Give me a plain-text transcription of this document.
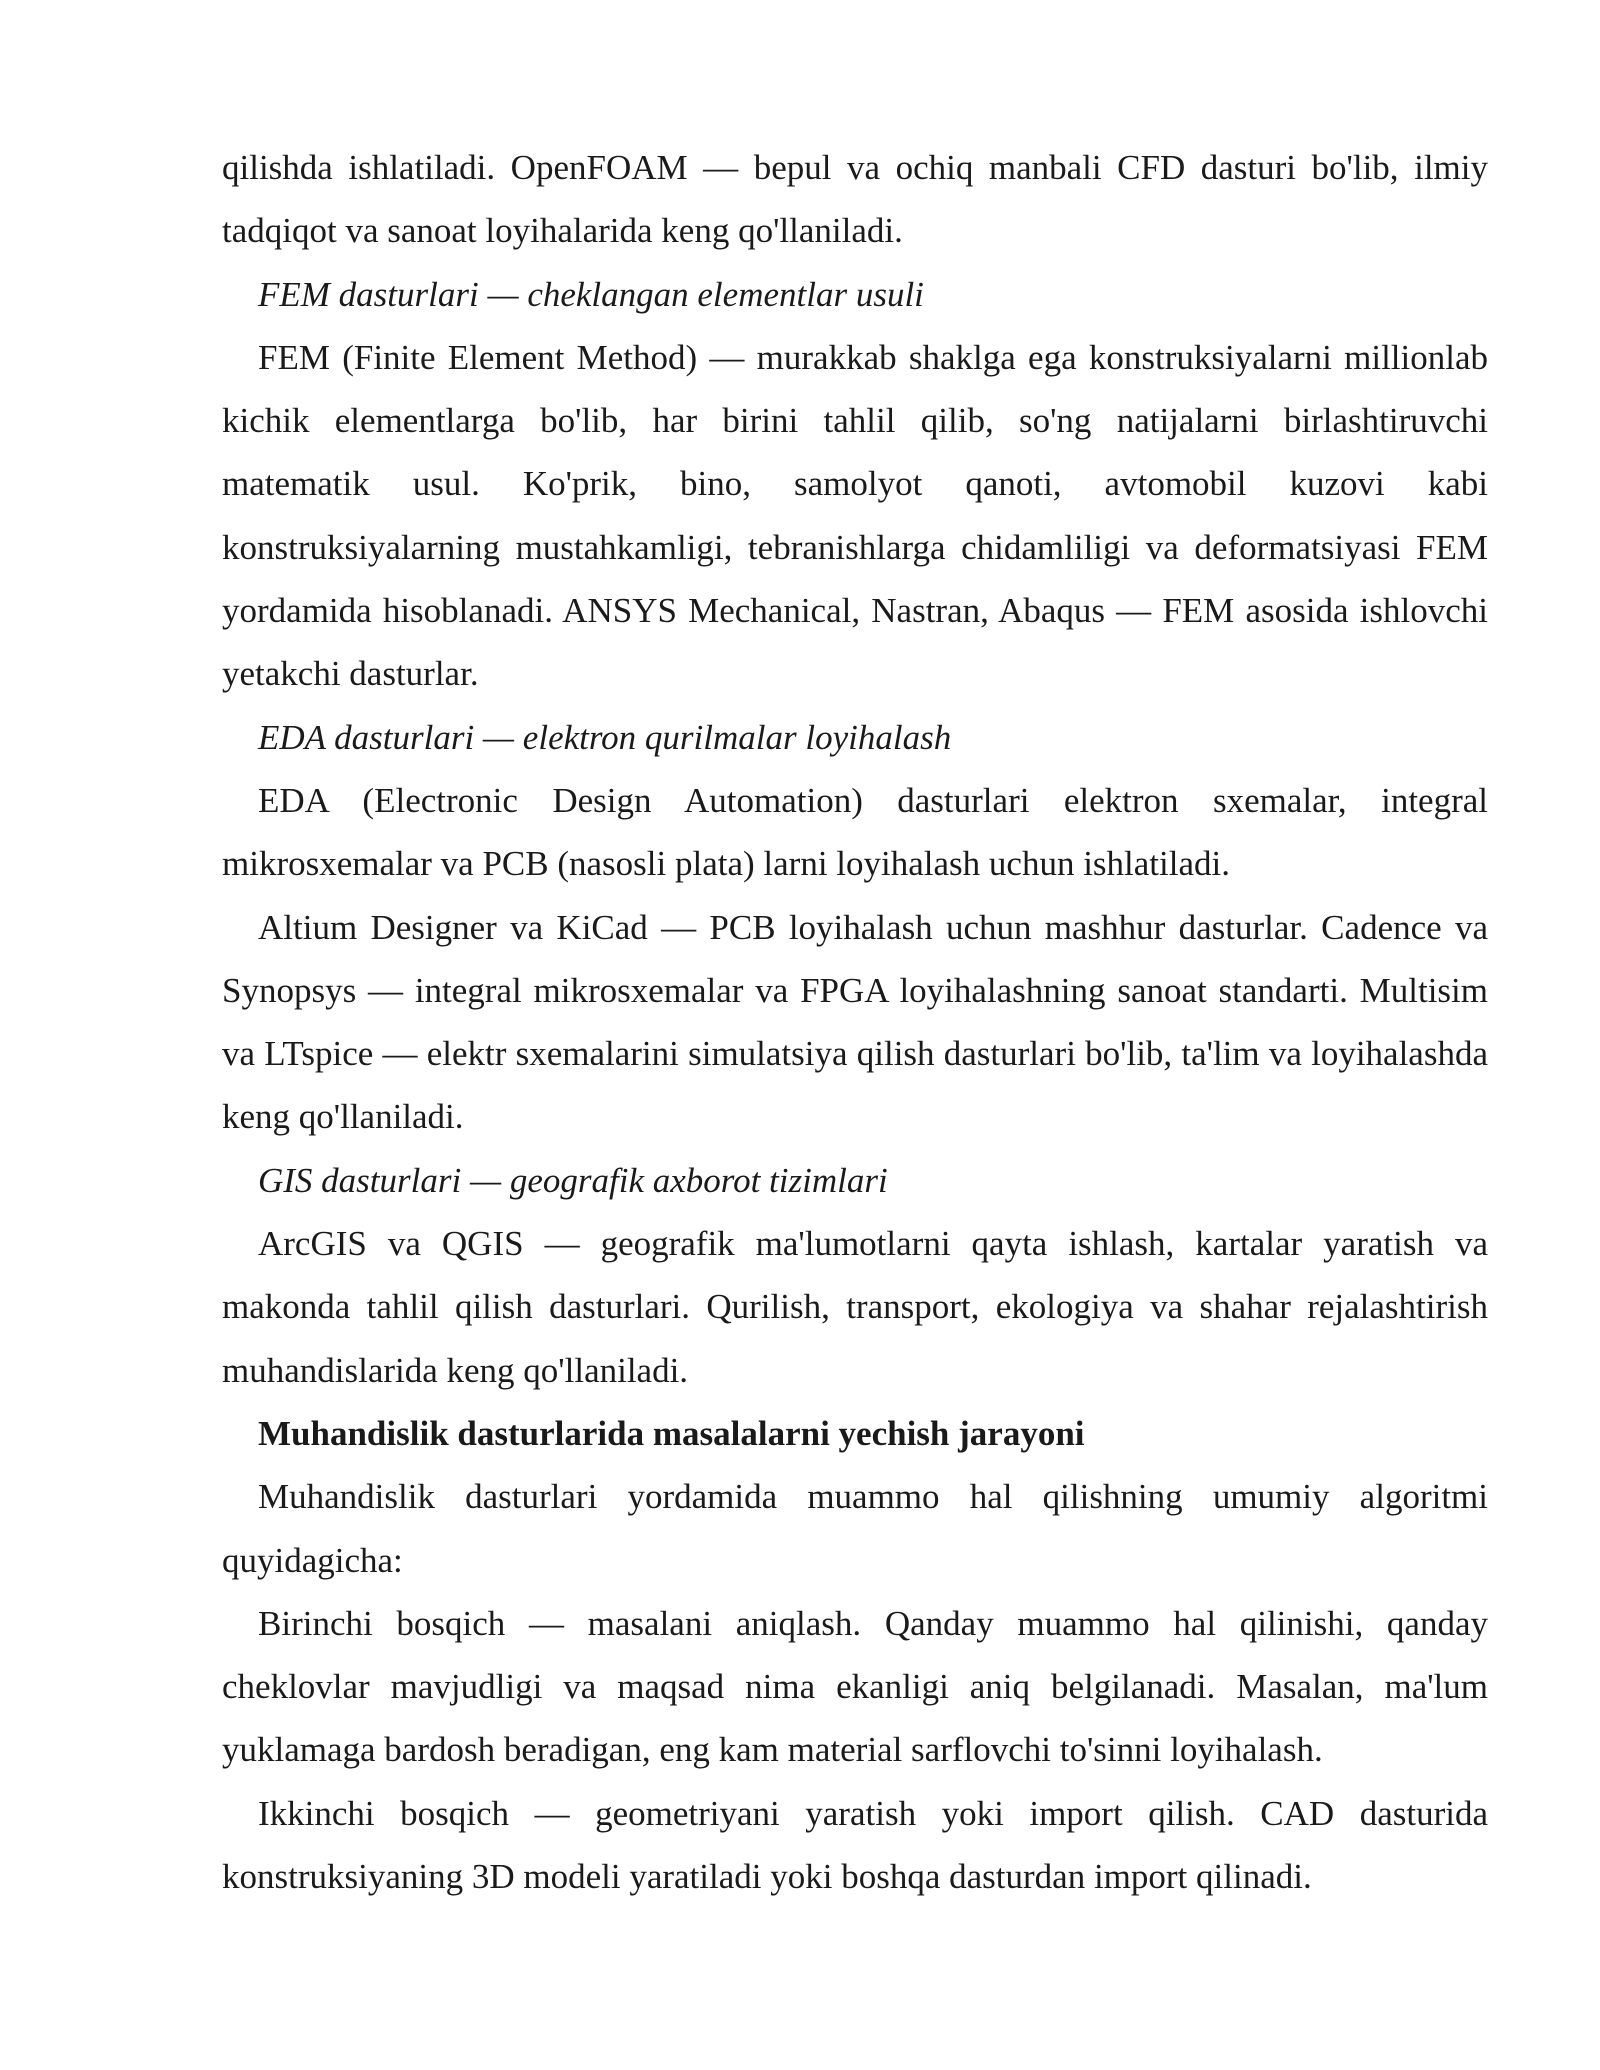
qilishda ishlatiladi. OpenFOAM — bepul va ochiq manbali CFD dasturi bo'lib, ilmiy tadqiqot va sanoat loyihalarida keng qo'llaniladi.

FEM dasturlari — cheklangan elementlar usuli

FEM (Finite Element Method) — murakkab shaklga ega konstruksiyalarni millionlab kichik elementlarga bo'lib, har birini tahlil qilib, so'ng natijalarni birlashtiruvchi matematik usul. Ko'prik, bino, samolyot qanoti, avtomobil kuzovi kabi konstruksiyalarning mustahkamligi, tebranishlarga chidamliligi va deformatsiyasi FEM yordamida hisoblanadi. ANSYS Mechanical, Nastran, Abaqus — FEM asosida ishlovchi yetakchi dasturlar.

EDA dasturlari — elektron qurilmalar loyihalash

EDA (Electronic Design Automation) dasturlari elektron sxemalar, integral mikrosxemalar va PCB (nasosli plata) larni loyihalash uchun ishlatiladi.

Altium Designer va KiCad — PCB loyihalash uchun mashhur dasturlar. Cadence va Synopsys — integral mikrosxemalar va FPGA loyihalashning sanoat standarti. Multisim va LTspice — elektr sxemalarini simulatsiya qilish dasturlari bo'lib, ta'lim va loyihalashda keng qo'llaniladi.

GIS dasturlari — geografik axborot tizimlari

ArcGIS va QGIS — geografik ma'lumotlarni qayta ishlash, kartalar yaratish va makonda tahlil qilish dasturlari. Qurilish, transport, ekologiya va shahar rejalashtirish muhandislarida keng qo'llaniladi.

Muhandislik dasturlarida masalalarni yechish jarayoni

Muhandislik dasturlari yordamida muammo hal qilishning umumiy algoritmi quyidagicha:

Birinchi bosqich — masalani aniqlash. Qanday muammo hal qilinishi, qanday cheklovlar mavjudligi va maqsad nima ekanligi aniq belgilanadi. Masalan, ma'lum yuklamaga bardosh beradigan, eng kam material sarflovchi to'sinni loyihalash.

Ikkinchi bosqich — geometriyani yaratish yoki import qilish. CAD dasturida konstruksiyaning 3D modeli yaratiladi yoki boshqa dasturdan import qilinadi.
